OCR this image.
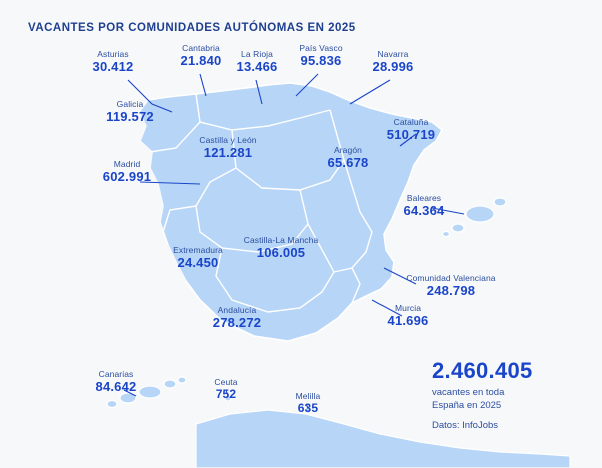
VACANTES POR COMUNIDADES AUTÓNOMAS EN 2025
Asturias
30.412
Cantabria
21.840	La Rioja
13.466
País Vasco
95.836	Navarra
28.996
Galicia
119.572
Castilla y León
121.281
Cataluña
510.719
Aragón
65.678
Madrid
602.991
Baleares
64.364
Extremadura
24.450
Castilla-La Mancha
106.005
Comunidad Valenciana
248.798
Andalucía
278.272
Murcia
41.696
Canarias
84.642	Ceuta
752	Melilla
635
2.460.405
vacantes en toda
España en 2025
Datos: InfoJobs
